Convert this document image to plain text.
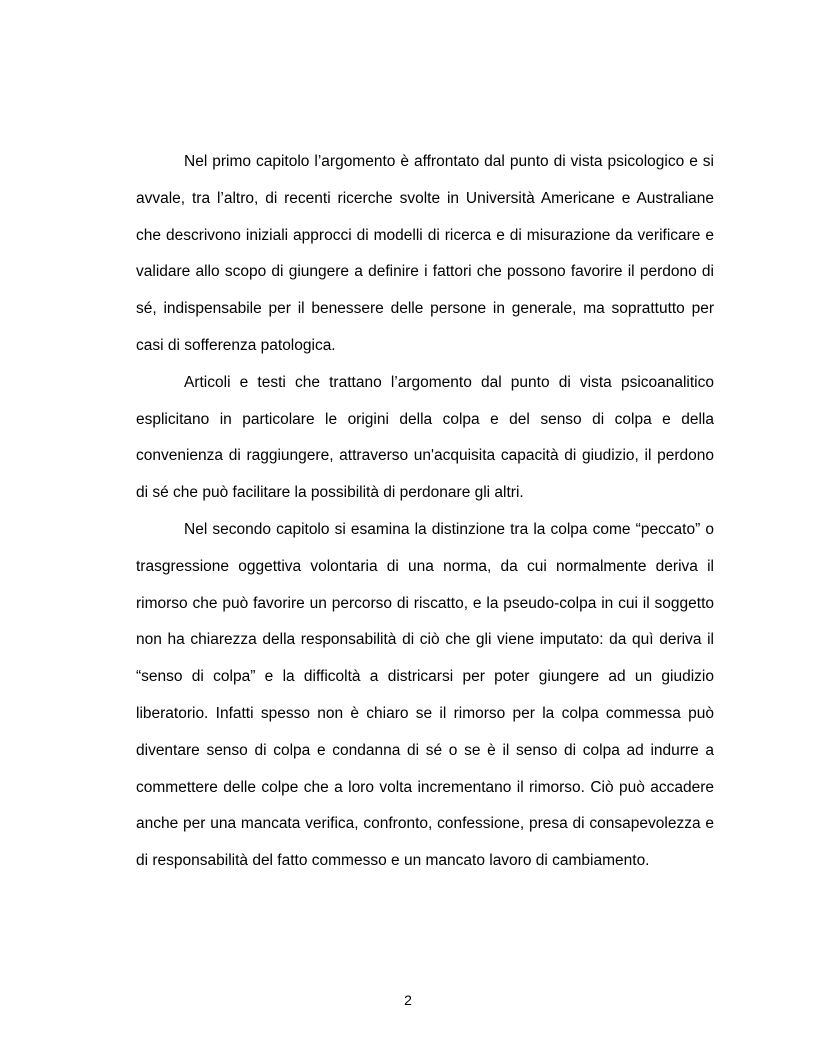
Nel primo capitolo l’argomento è affrontato dal punto di vista psicologico e si avvale, tra l’altro, di recenti ricerche svolte in Università Americane e Australiane che descrivono iniziali approcci di modelli di ricerca e di misurazione da verificare e validare allo scopo di giungere a definire i fattori che possono favorire il perdono di sé, indispensabile per il benessere delle persone in generale, ma soprattutto per casi di sofferenza patologica.

Articoli e testi che trattano l’argomento dal punto di vista psicoanalitico esplicitano in particolare le origini della colpa e del senso di colpa e della convenienza di raggiungere, attraverso un'acquisita capacità di giudizio, il perdono di sé che può facilitare la possibilità di perdonare gli altri.

Nel secondo capitolo si esamina la distinzione tra la colpa come “peccato” o trasgressione oggettiva volontaria di una norma, da cui normalmente deriva il rimorso che può favorire un percorso di riscatto, e la pseudo-colpa in cui il soggetto non ha chiarezza della responsabilità di ciò che gli viene imputato: da quì deriva il “senso di colpa” e la difficoltà a districarsi per poter giungere ad un giudizio liberatorio. Infatti spesso non è chiaro se il rimorso per la colpa commessa può diventare senso di colpa e condanna di sé o se è il senso di colpa ad indurre a commettere delle colpe che a loro volta incrementano il rimorso. Ciò può accadere anche per una mancata verifica, confronto, confessione, presa di consapevolezza e di responsabilità del fatto commesso e un mancato lavoro di cambiamento.

2
